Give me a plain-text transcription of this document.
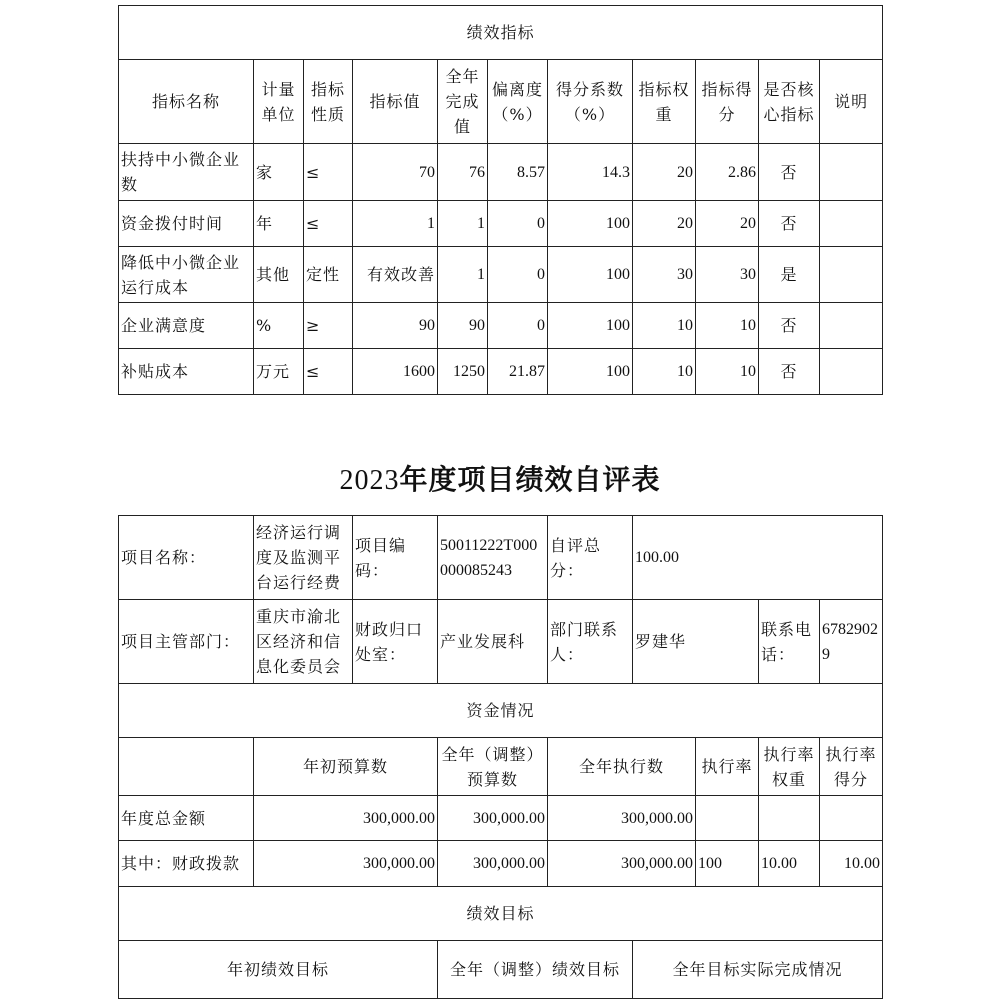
绩效指标										
指标名称	计量单位	指标性质	指标值	全年完成值	偏离度（%）	得分系数（%）	指标权重	指标得分	是否核心指标	说明
扶持中小微企业数	家	≤	70	76	8.57	14.3	20	2.86	否	
资金拨付时间	年	≤	1	1	0	100	20	20	否	
降低中小微企业运行成本	其他	定性	有效改善	1	0	100	30	30	是	
企业满意度	%	≥	90	90	0	100	10	10	否	
补贴成本	万元	≤	1600	1250	21.87	100	10	10	否	
2023年度项目绩效自评表
项目名称：	经济运行调度及监测平台运行经费	项目编码：	50011222T000000085243	自评总分：	100.00			
项目主管部门：	重庆市渝北区经济和信息化委员会	财政归口处室：	产业发展科	部门联系人：	罗建华		联系电话：	67829029
资金情况								
	年初预算数		全年（调整）预算数	全年执行数		执行率	执行率权重	执行率得分
年度总金额	300,000.00		300,000.00	300,000.00				
其中：财政拨款	300,000.00		300,000.00	300,000.00		100	10.00	10.00
绩效目标								
年初绩效目标			全年（调整）绩效目标		全年目标实际完成情况			
